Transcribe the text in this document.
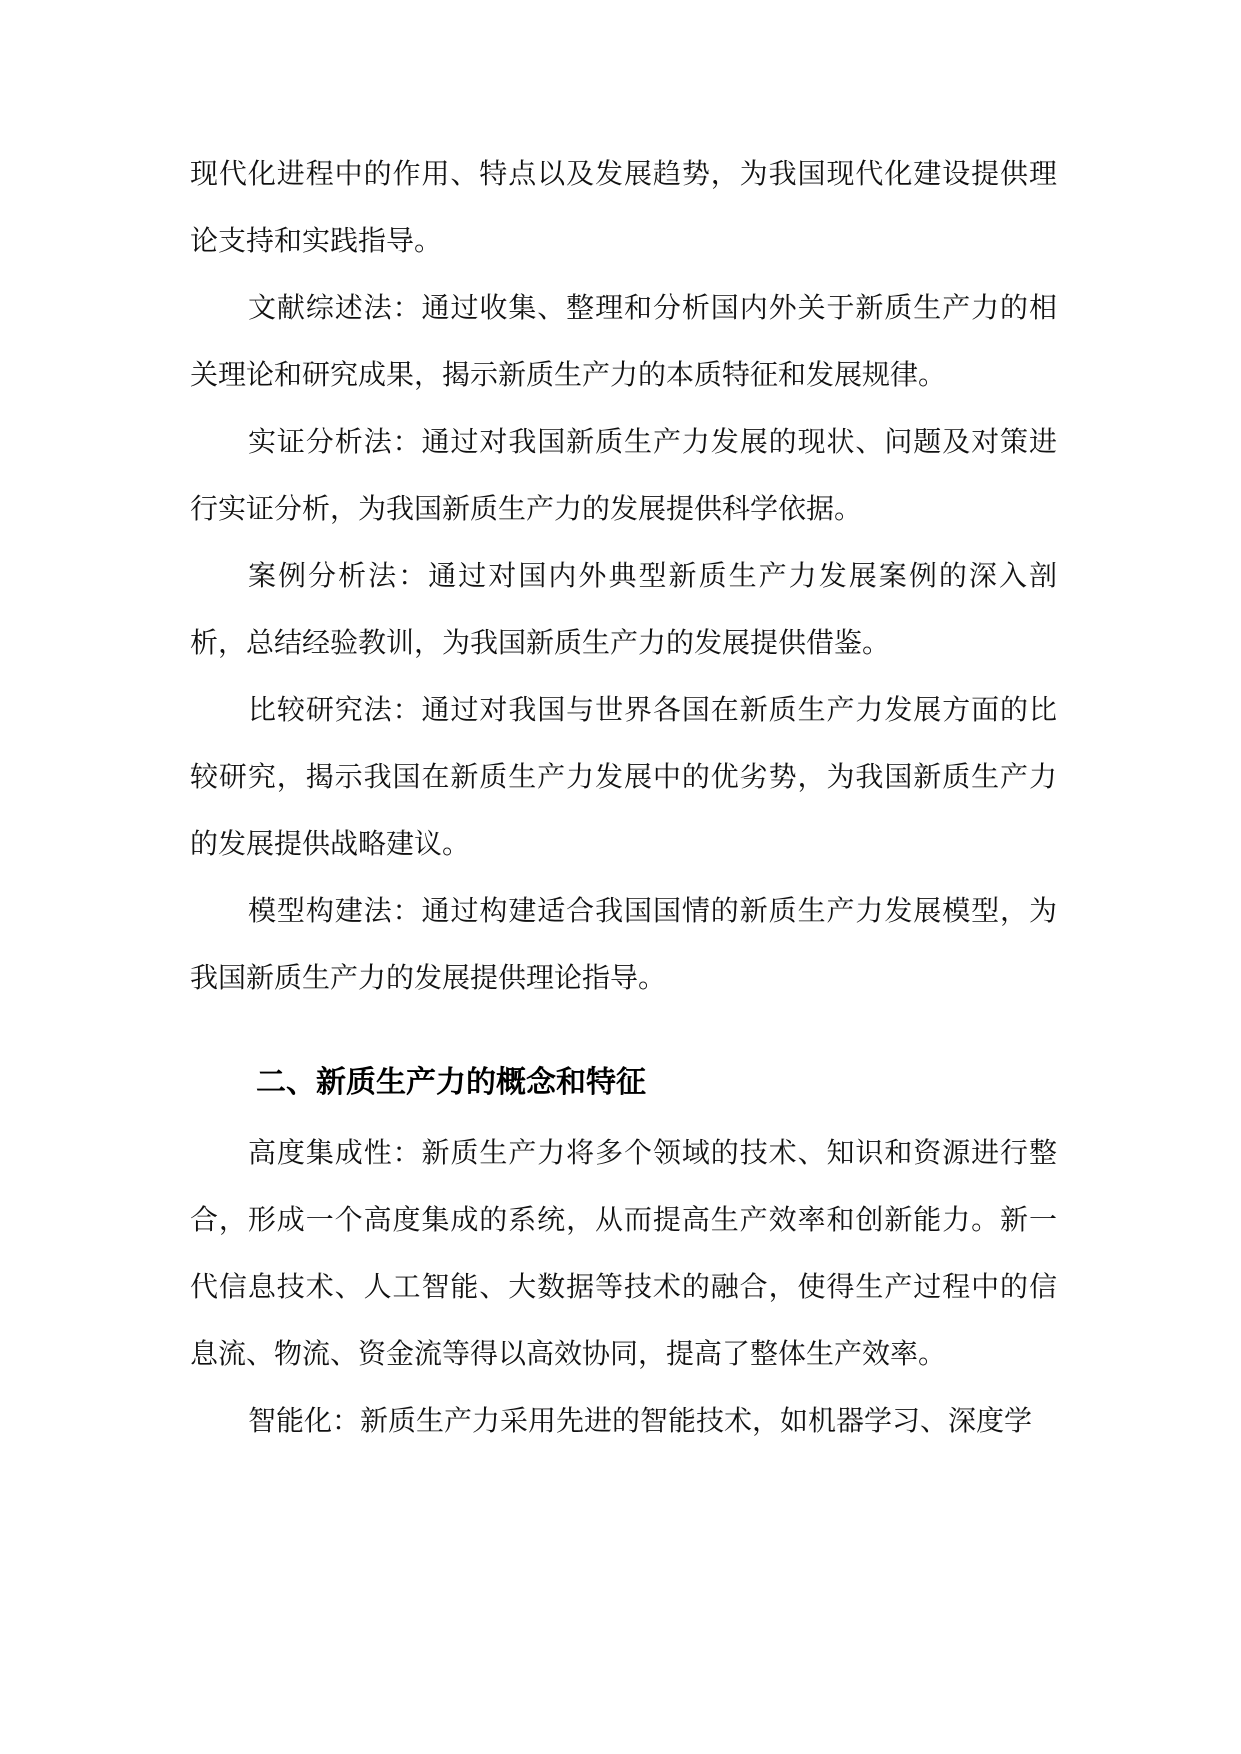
现代化进程中的作用、特点以及发展趋势，为我国现代化建设提供理论支持和实践指导。

文献综述法：通过收集、整理和分析国内外关于新质生产力的相关理论和研究成果，揭示新质生产力的本质特征和发展规律。

实证分析法：通过对我国新质生产力发展的现状、问题及对策进行实证分析，为我国新质生产力的发展提供科学依据。

案例分析法：通过对国内外典型新质生产力发展案例的深入剖析，总结经验教训，为我国新质生产力的发展提供借鉴。

比较研究法：通过对我国与世界各国在新质生产力发展方面的比较研究，揭示我国在新质生产力发展中的优劣势，为我国新质生产力的发展提供战略建议。

模型构建法：通过构建适合我国国情的新质生产力发展模型，为我国新质生产力的发展提供理论指导。

二、新质生产力的概念和特征

高度集成性：新质生产力将多个领域的技术、知识和资源进行整合，形成一个高度集成的系统，从而提高生产效率和创新能力。新一代信息技术、人工智能、大数据等技术的融合，使得生产过程中的信息流、物流、资金流等得以高效协同，提高了整体生产效率。

智能化：新质生产力采用先进的智能技术，如机器学习、深度学
